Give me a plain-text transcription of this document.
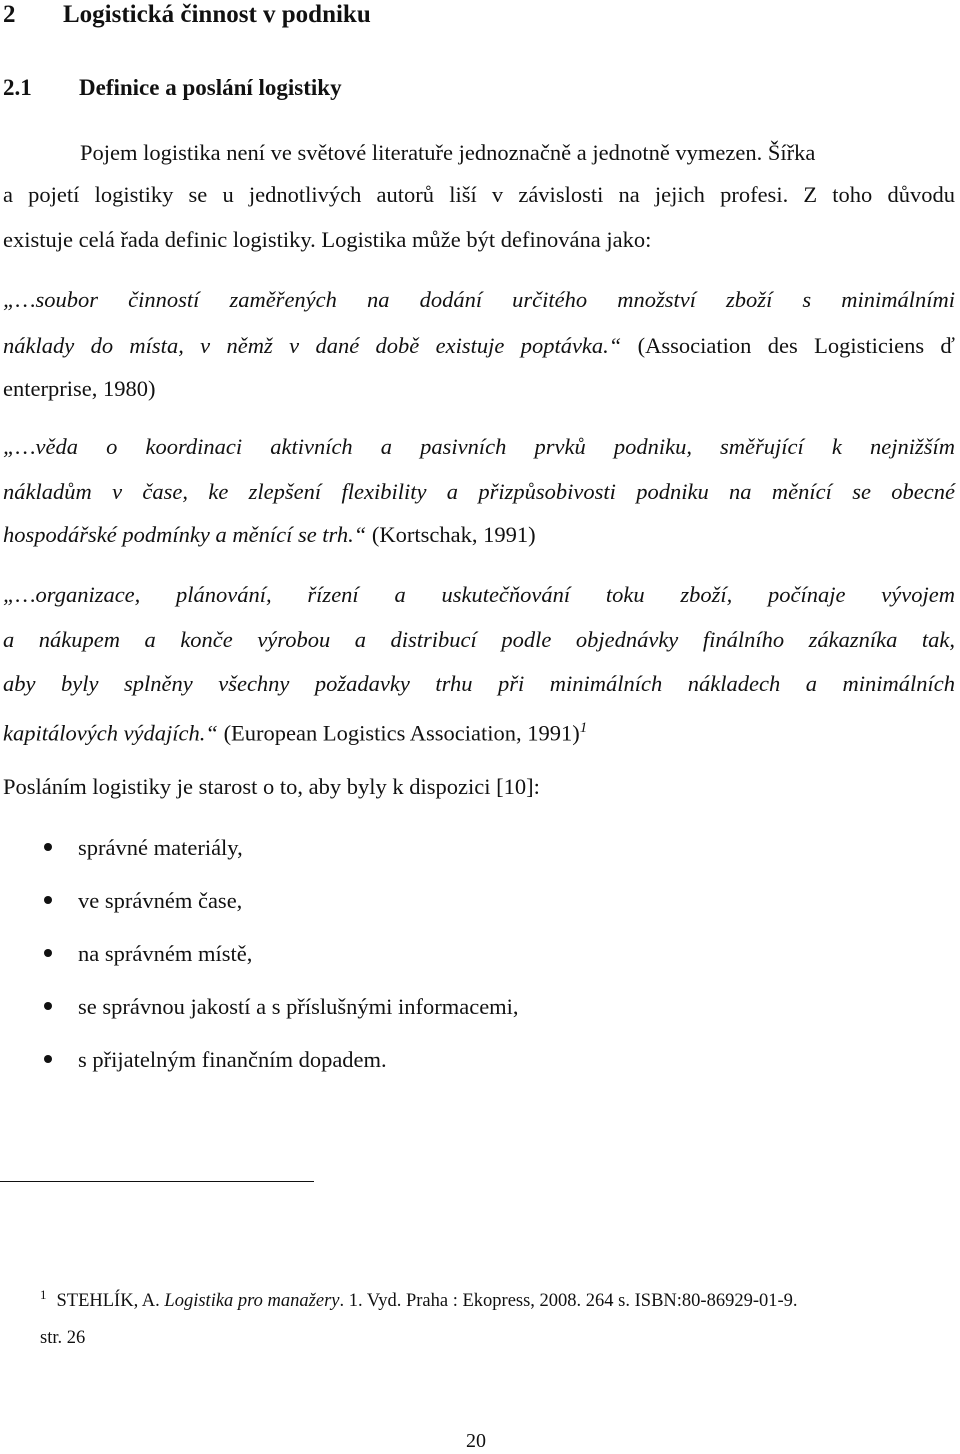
2 Logistická činnost v podniku
2.1 Definice a poslání logistiky
Pojem logistika není ve světové literatuře jednoznačně a jednotně vymezen. Šířka
a pojetí logistiky se u jednotlivých autorů liší v závislosti na jejich profesi. Z toho důvodu
existuje celá řada definic logistiky. Logistika může být definována jako:
„…soubor činností zaměřených na dodání určitého množství zboží s minimálními
náklady do místa, v němž v dané době existuje poptávka.“ (Association des Logisticiens ď
enterprise, 1980)
„…věda o koordinaci aktivních a pasivních prvků podniku, směřující k nejnižším
nákladům v čase, ke zlepšení flexibility a přizpůsobivosti podniku na měnící se obecné
hospodářské podmínky a měnící se trh.“ (Kortschak, 1991)
„…organizace, plánování, řízení a uskutečňování toku zboží, počínaje vývojem
a nákupem a konče výrobou a distribucí podle objednávky finálního zákazníka tak,
aby byly splněny všechny požadavky trhu při minimálních nákladech a minimálních
kapitálových výdajích.“ (European Logistics Association, 1991)$^1$
Posláním logistiky je starost o to, aby byly k dispozici [10]:
správné materiály,
ve správném čase,
na správném místě,
se správnou jakostí a s příslušnými informacemi,
s přijatelným finančním dopadem.
$^1$ STEHLÍK, A. Logistika pro manažery. 1. Vyd. Praha : Ekopress, 2008. 264 s. ISBN:80-86929-01-9.
str. 26
20
